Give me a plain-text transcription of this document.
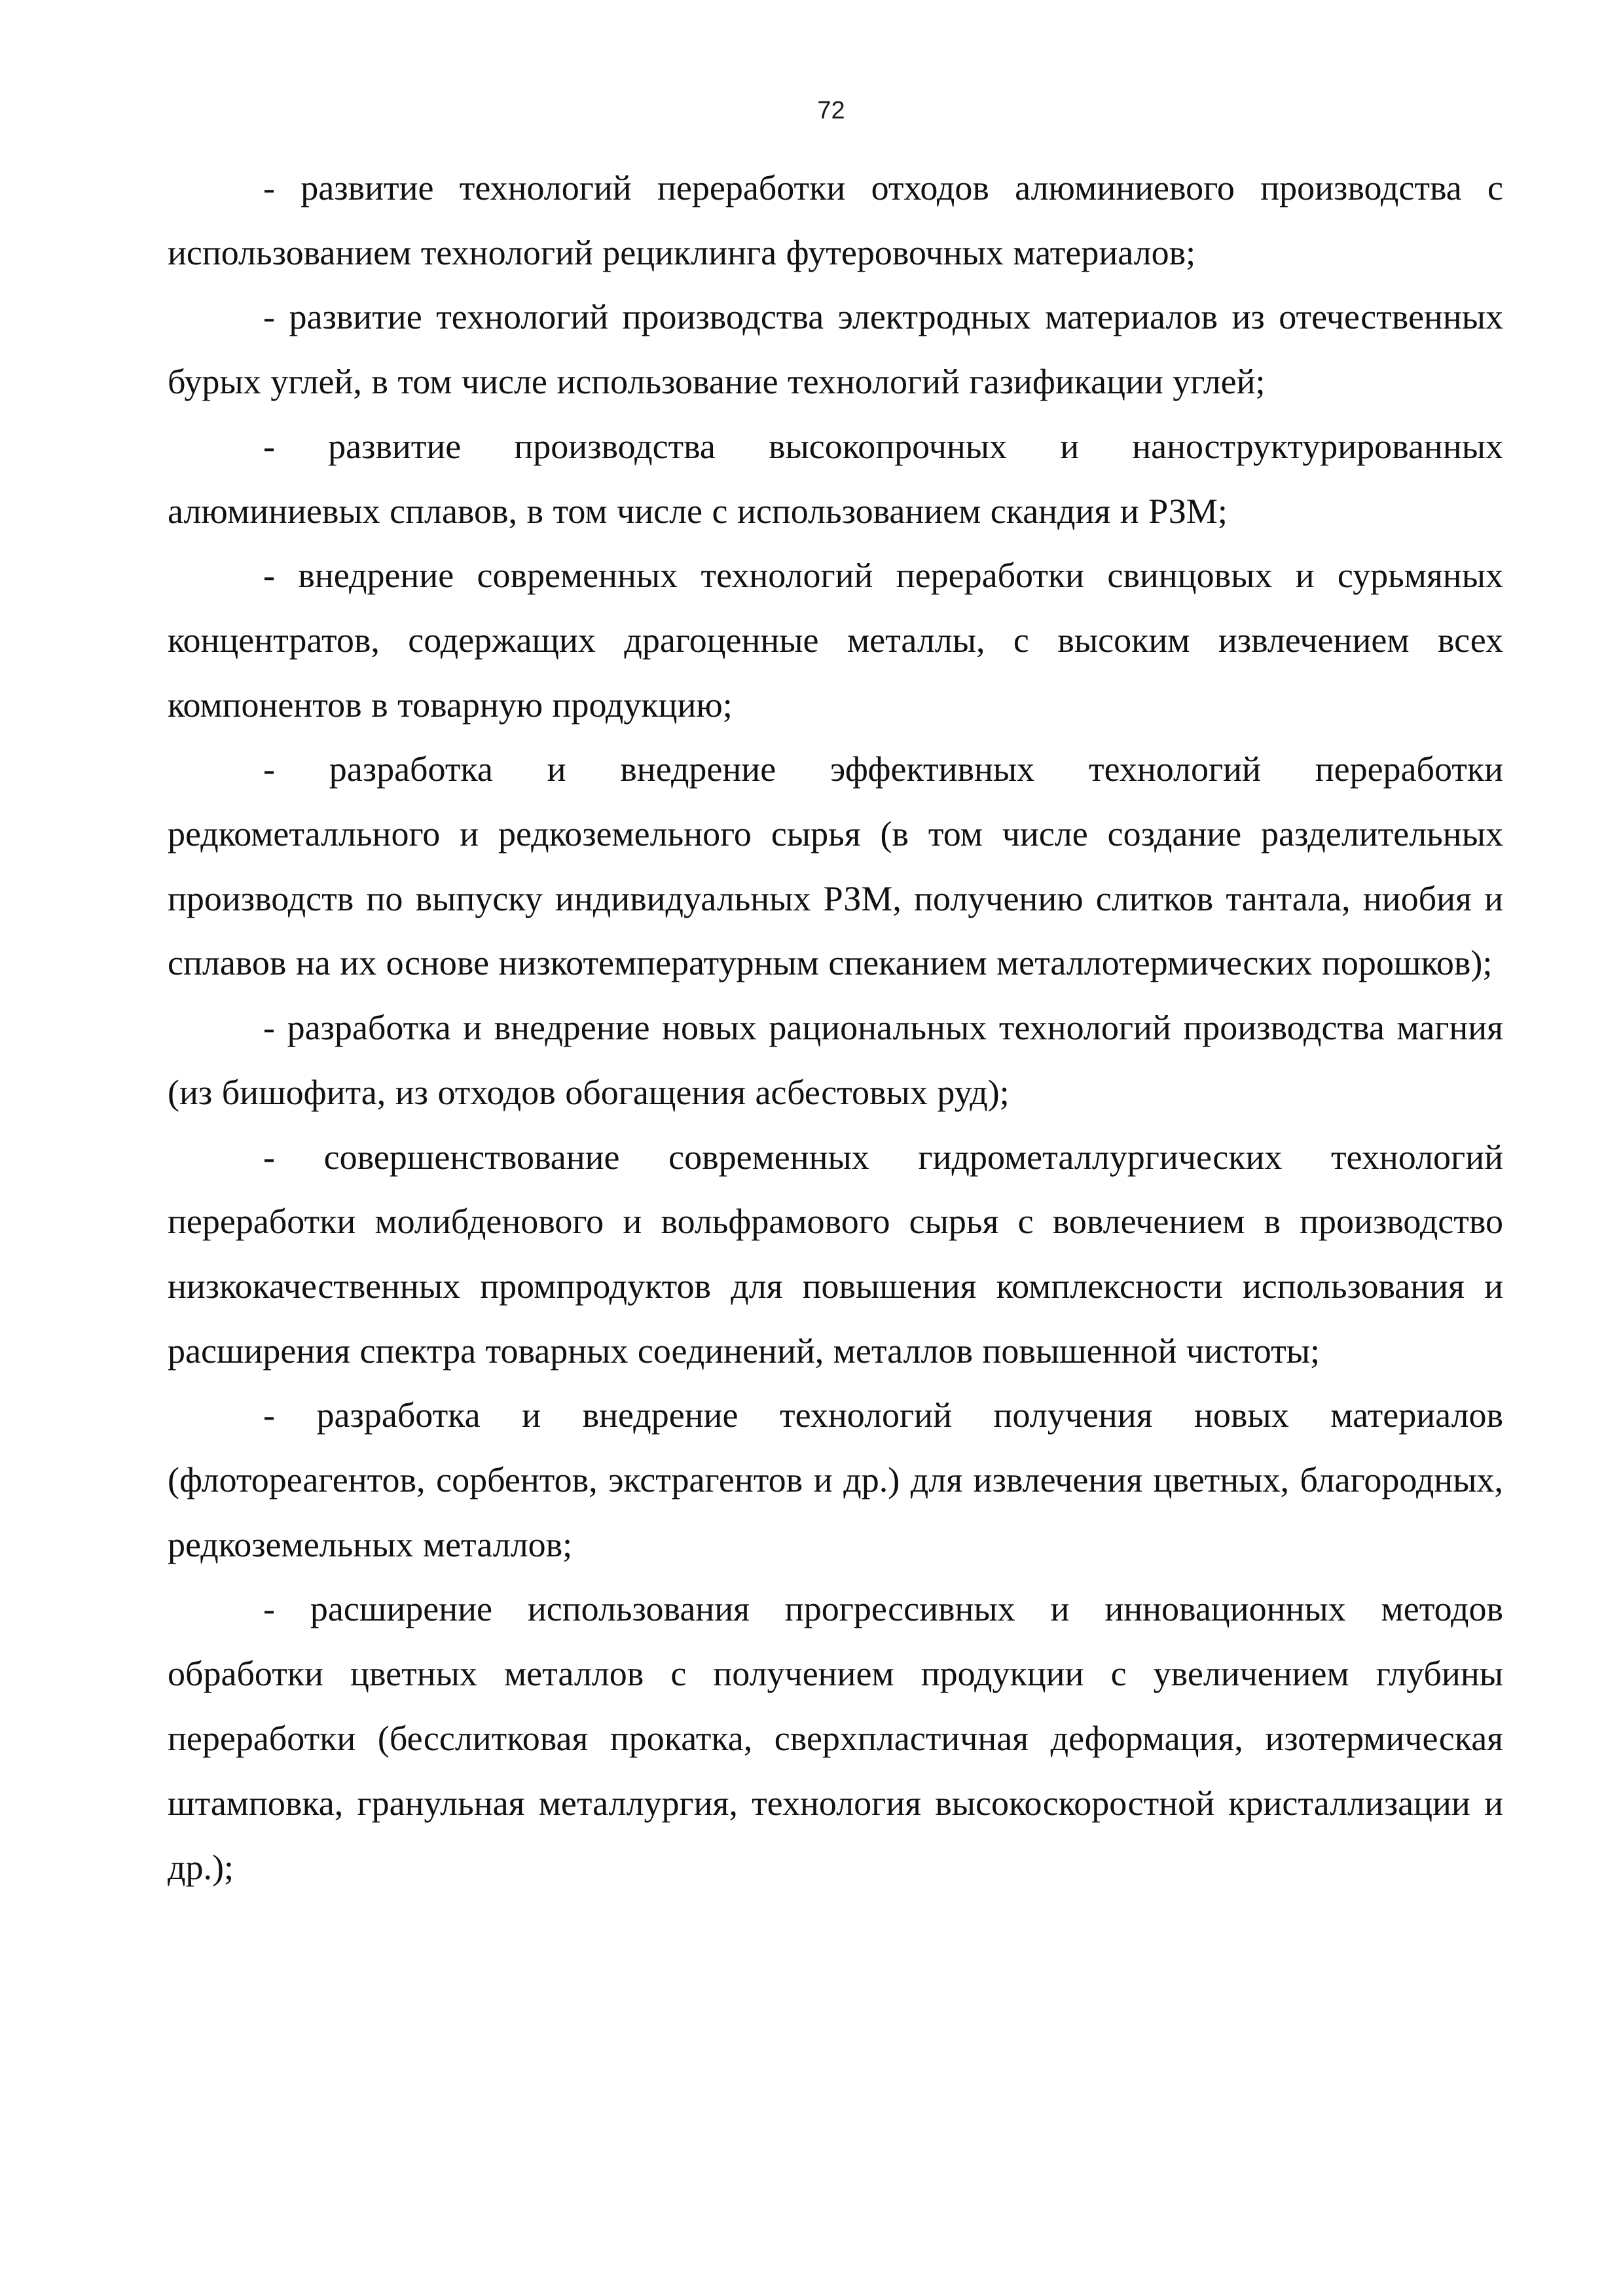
72

- развитие технологий переработки отходов алюминиевого производства с использованием технологий рециклинга футеровочных материалов;

- развитие технологий производства электродных материалов из отечественных бурых углей, в том числе использование технологий газификации углей;

- развитие производства высокопрочных и наноструктурированных алюминиевых сплавов, в том числе с использованием скандия и РЗМ;

- внедрение современных технологий переработки свинцовых и сурьмяных концентратов, содержащих драгоценные металлы, с высоким извлечением всех компонентов в товарную продукцию;

- разработка и внедрение эффективных технологий переработки редкометалльного и редкоземельного сырья (в том числе создание разделительных производств по выпуску индивидуальных РЗМ, получению слитков тантала, ниобия и сплавов на их основе низкотемпературным спеканием металлотермических порошков);

- разработка и внедрение новых рациональных технологий производства магния (из бишофита, из отходов обогащения асбестовых руд);

- совершенствование современных гидрометаллургических технологий переработки молибденового и вольфрамового сырья с вовлечением в производство низкокачественных промпродуктов для повышения комплексности использования и расширения спектра товарных соединений, металлов повышенной чистоты;

- разработка и внедрение технологий получения новых материалов (флотореагентов, сорбентов, экстрагентов и др.) для извлечения цветных, благородных, редкоземельных металлов;

- расширение использования прогрессивных и инновационных методов обработки цветных металлов с получением продукции с увеличением глубины переработки (бесслитковая прокатка, сверхпластичная деформация, изотермическая штамповка, гранульная металлургия, технология высокоскоростной кристаллизации и др.);
